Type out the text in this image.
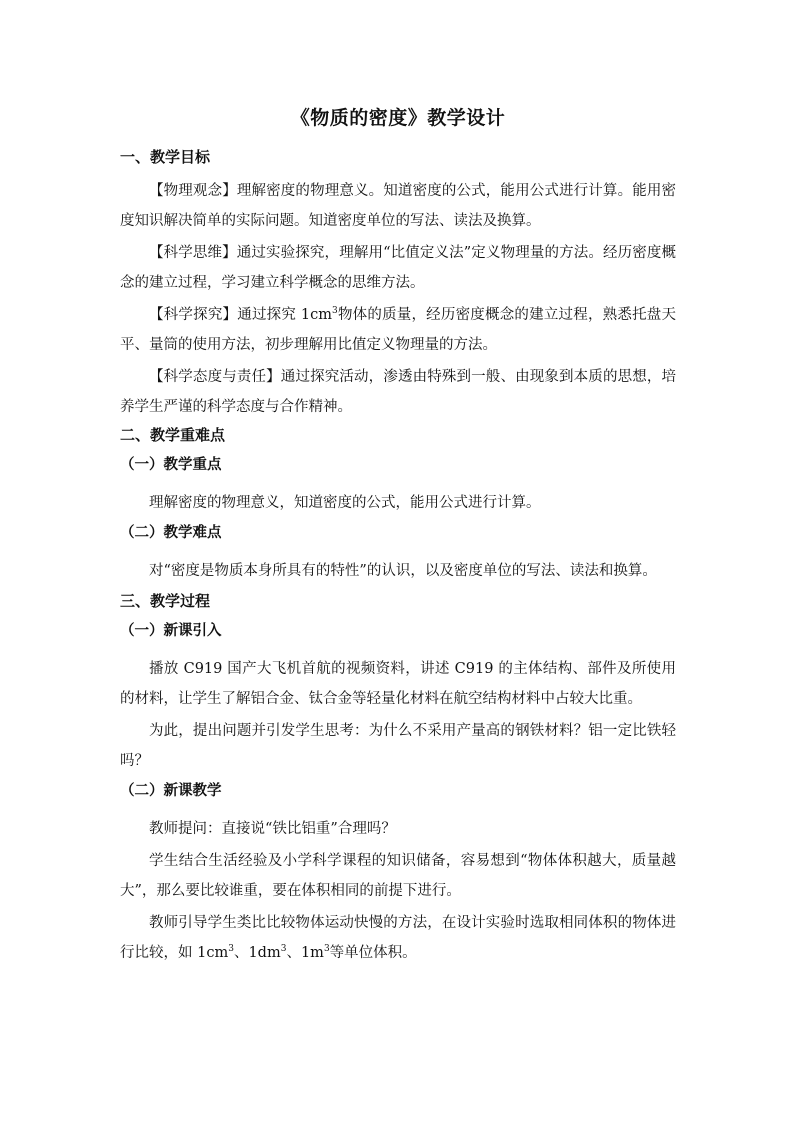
《物质的密度》教学设计
一、教学目标

【物理观念】理解密度的物理意义。知道密度的公式，能用公式进行计算。能用密度知识解决简单的实际问题。知道密度单位的写法、读法及换算。

【科学思维】通过实验探究，理解用“比值定义法”定义物理量的方法。经历密度概念的建立过程，学习建立科学概念的思维方法。

【科学探究】通过探究 $1cm^3$物体的质量，经历密度概念的建立过程，熟悉托盘天平、量筒的使用方法，初步理解用比值定义物理量的方法。

【科学态度与责任】通过探究活动，渗透由特殊到一般、由现象到本质的思想，培养学生严谨的科学态度与合作精神。

二、教学重难点
（一）教学重点

理解密度的物理意义，知道密度的公式，能用公式进行计算。

（二）教学难点

对“密度是物质本身所具有的特性”的认识，以及密度单位的写法、读法和换算。

三、教学过程
（一）新课引入

播放 C919 国产大飞机首航的视频资料，讲述 C919 的主体结构、部件及所使用的材料，让学生了解铝合金、钛合金等轻量化材料在航空结构材料中占较大比重。

为此，提出问题并引发学生思考：为什么不采用产量高的钢铁材料？铝一定比铁轻吗？

（二）新课教学

教师提问：直接说“铁比铝重”合理吗？

学生结合生活经验及小学科学课程的知识储备，容易想到“物体体积越大，质量越大”，那么要比较谁重，要在体积相同的前提下进行。

教师引导学生类比比较物体运动快慢的方法，在设计实验时选取相同体积的物体进行比较，如 $1cm^3$、$1dm^3$、$1m^3$等单位体积。
